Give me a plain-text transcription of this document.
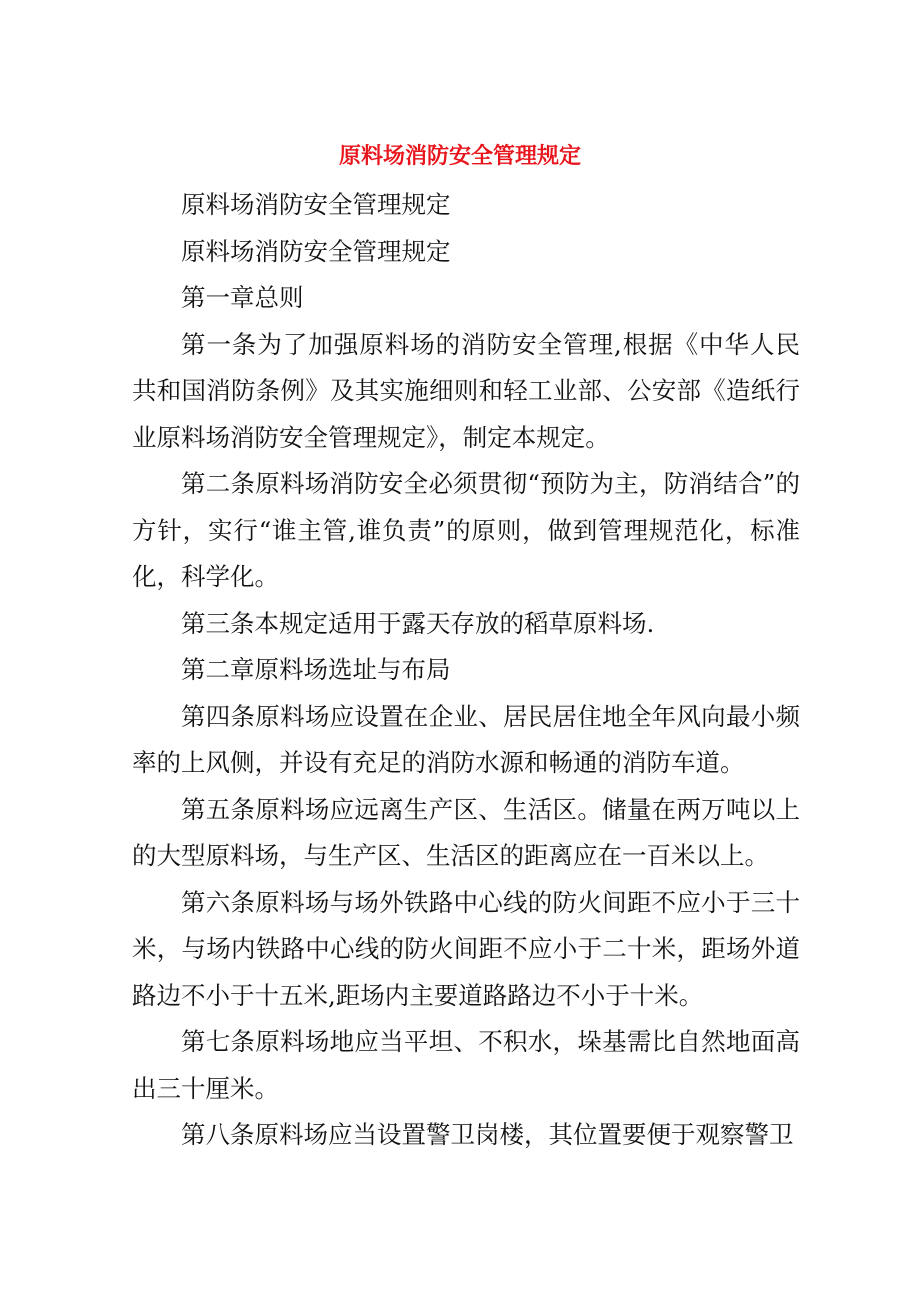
原料场消防安全管理规定

原料场消防安全管理规定

原料场消防安全管理规定

第一章总则

第一条为了加强原料场的消防安全管理,根据《中华人民共和国消防条例》及其实施细则和轻工业部、公安部《造纸行业原料场消防安全管理规定》，制定本规定。

第二条原料场消防安全必须贯彻“预防为主，防消结合”的方针，实行“谁主管,谁负责”的原则，做到管理规范化，标准化，科学化。

第三条本规定适用于露天存放的稻草原料场.

第二章原料场选址与布局

第四条原料场应设置在企业、居民居住地全年风向最小频率的上风侧，并设有充足的消防水源和畅通的消防车道。

第五条原料场应远离生产区、生活区。储量在两万吨以上的大型原料场，与生产区、生活区的距离应在一百米以上。

第六条原料场与场外铁路中心线的防火间距不应小于三十米，与场内铁路中心线的防火间距不应小于二十米，距场外道路边不小于十五米,距场内主要道路路边不小于十米。

第七条原料场地应当平坦、不积水，垛基需比自然地面高出三十厘米。

第八条原料场应当设置警卫岗楼，其位置要便于观察警卫
